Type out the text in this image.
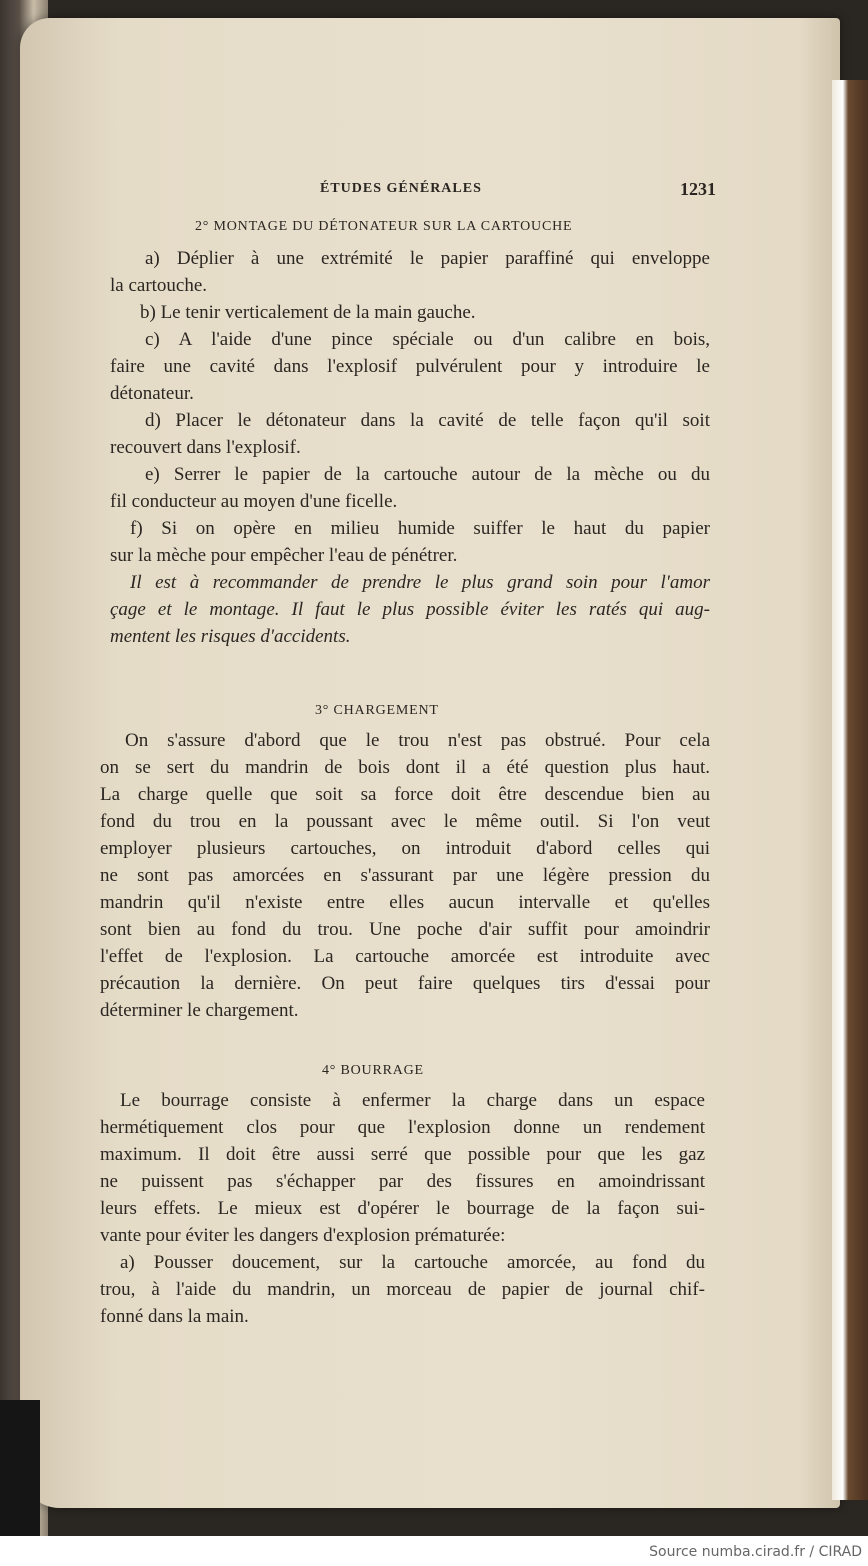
ÉTUDES GÉNÉRALES	1231
2° MONTAGE DU DÉTONATEUR SUR LA CARTOUCHE
a) Déplier à une extrémité le papier paraffiné qui enveloppe
la cartouche.
b) Le tenir verticalement de la main gauche.
c) A l'aide d'une pince spéciale ou d'un calibre en bois,
faire une cavité dans l'explosif pulvérulent pour y introduire le
détonateur.
d) Placer le détonateur dans la cavité de telle façon qu'il soit
recouvert dans l'explosif.
e) Serrer le papier de la cartouche autour de la mèche ou du
fil conducteur au moyen d'une ficelle.
f) Si on opère en milieu humide suiffer le haut du papier
sur la mèche pour empêcher l'eau de pénétrer.
Il est à recommander de prendre le plus grand soin pour l'amor
çage et le montage. Il faut le plus possible éviter les ratés qui aug-
mentent les risques d'accidents.
3° CHARGEMENT
On s'assure d'abord que le trou n'est pas obstrué. Pour cela
on se sert du mandrin de bois dont il a été question plus haut.
La charge quelle que soit sa force doit être descendue bien au
fond du trou en la poussant avec le même outil. Si l'on veut
employer plusieurs cartouches, on introduit d'abord celles qui
ne sont pas amorcées en s'assurant par une légère pression du
mandrin qu'il n'existe entre elles aucun intervalle et qu'elles
sont bien au fond du trou. Une poche d'air suffit pour amoindrir
l'effet de l'explosion. La cartouche amorcée est introduite avec
précaution la dernière. On peut faire quelques tirs d'essai pour
déterminer le chargement.
4° BOURRAGE
Le bourrage consiste à enfermer la charge dans un espace
hermétiquement clos pour que l'explosion donne un rendement
maximum. Il doit être aussi serré que possible pour que les gaz
ne puissent pas s'échapper par des fissures en amoindrissant
leurs effets. Le mieux est d'opérer le bourrage de la façon sui-
vante pour éviter les dangers d'explosion prématurée:
a) Pousser doucement, sur la cartouche amorcée, au fond du
trou, à l'aide du mandrin, un morceau de papier de journal chif-
fonné dans la main.
Source numba.cirad.fr / CIRAD
